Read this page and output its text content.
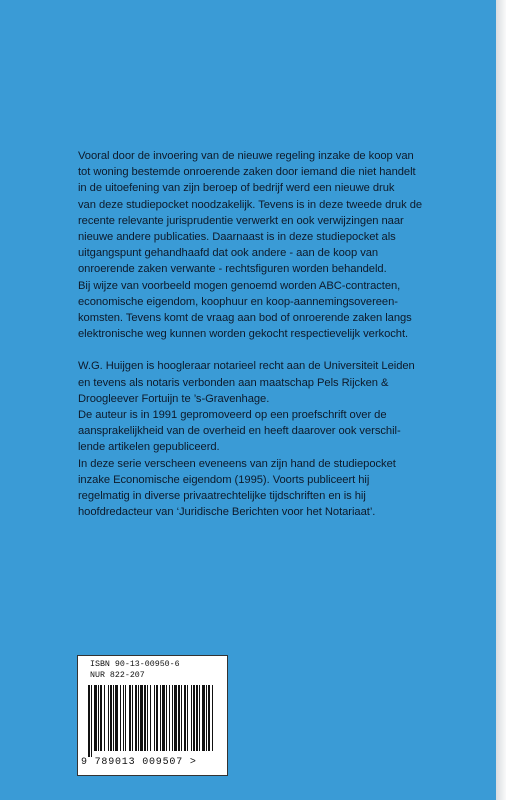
Vooral door de invoering van de nieuwe regeling inzake de koop van

tot woning bestemde onroerende zaken door iemand die niet handelt

in de uitoefening van zijn beroep of bedrijf werd een nieuwe druk

van deze studiepocket noodzakelijk. Tevens is in deze tweede druk de

recente relevante jurisprudentie verwerkt en ook verwijzingen naar

nieuwe andere publicaties. Daarnaast is in deze studiepocket als

uitgangspunt gehandhaafd dat ook andere - aan de koop van

onroerende zaken verwante - rechtsfiguren worden behandeld.

Bij wijze van voorbeeld mogen genoemd worden ABC-contracten,

economische eigendom, koophuur en koop-aannemingsovereen-

komsten. Tevens komt de vraag aan bod of onroerende zaken langs

elektronische weg kunnen worden gekocht respectievelijk verkocht.

W.G. Huijgen is hoogleraar notarieel recht aan de Universiteit Leiden

en tevens als notaris verbonden aan maatschap Pels Rijcken &

Droogleever Fortuijn te ’s-Gravenhage.

De auteur is in 1991 gepromoveerd op een proefschrift over de

aansprakelijkheid van de overheid en heeft daarover ook verschil-

lende artikelen gepubliceerd.

In deze serie verscheen eveneens van zijn hand de studiepocket

inzake Economische eigendom (1995). Voorts publiceert hij

regelmatig in diverse privaatrechtelijke tijdschriften en is hij

hoofdredacteur van ‘Juridische Berichten voor het Notariaat’.

ISBN 90-13-00950-6
NUR 822-207
9 789013 009507 >
